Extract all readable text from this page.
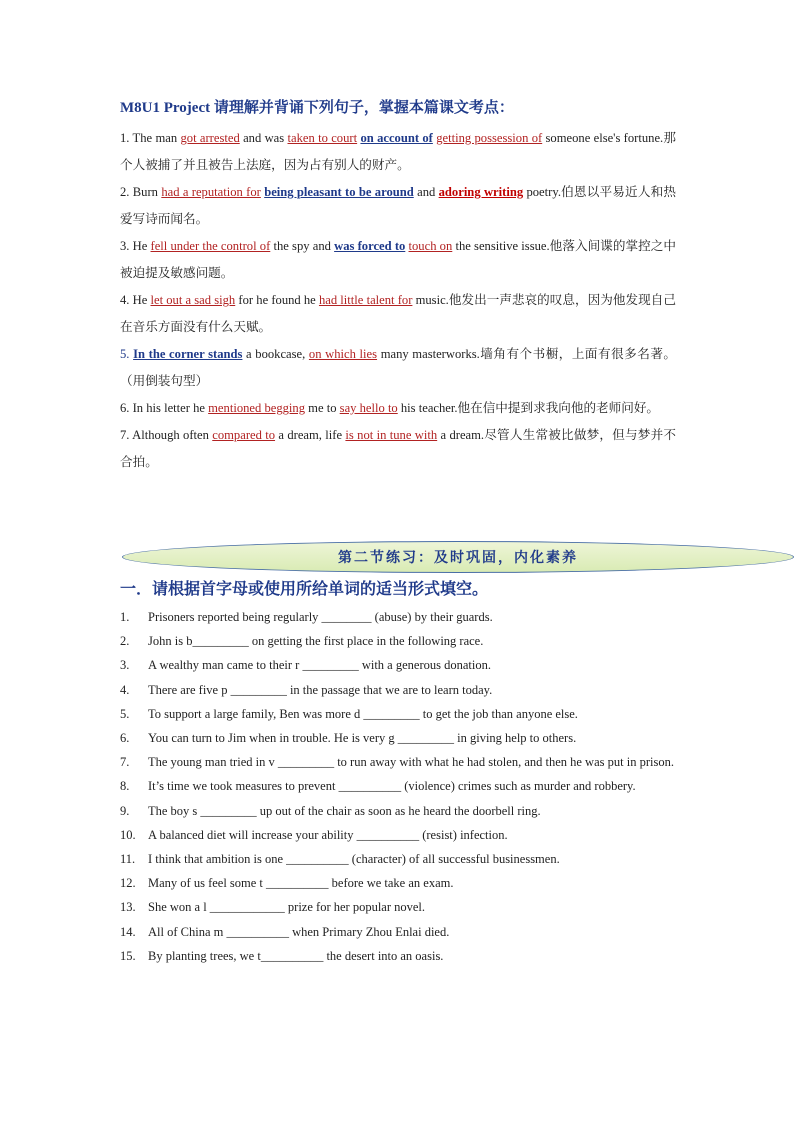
M8U1 Project 请理解并背诵下列句子，掌握本篇课文考点：

1. The man got arrested and was taken to court on account of getting possession of someone else's fortune.那个人被捕了并且被告上法庭，因为占有别人的财产。

2. Burn had a reputation for being pleasant to be around and adoring writing poetry.伯恩以平易近人和热爱写诗而闻名。

3. He fell under the control of the spy and was forced to touch on the sensitive issue.他落入间谍的掌控之中被迫提及敏感问题。

4. He let out a sad sigh for he found he had little talent for music.他发出一声悲哀的叹息，因为他发现自己在音乐方面没有什么天赋。

5. In the corner stands a bookcase, on which lies many masterworks.墙角有个书橱，上面有很多名著。（用倒装句型）

6. In his letter he mentioned begging me to say hello to his teacher.他在信中提到求我向他的老师问好。

7. Although often compared to a dream, life is not in tune with a dream.尽管人生常被比做梦，但与梦并不合拍。

第二节练习：及时巩固，内化素养

一．请根据首字母或使用所给单词的适当形式填空。

1.	Prisoners reported being regularly ________ (abuse) by their guards.

2.	John is b_________ on getting the first place in the following race.

3.	A wealthy man came to their r _________ with a generous donation.

4.	There are five p _________ in the passage that we are to learn today.

5.	To support a large family, Ben was more d _________ to get the job than anyone else.

6.	You can turn to Jim when in trouble. He is very g _________ in giving help to others.

7.	The young man tried in v _________ to run away with what he had stolen, and then he was put in prison.

8.	It’s time we took measures to prevent __________ (violence) crimes such as murder and robbery.

9.	The boy s _________ up out of the chair as soon as he heard the doorbell ring.

10. A balanced diet will increase your ability __________ (resist) infection.

11.	I think that ambition is one __________ (character) of all successful businessmen.

12. Many of us feel some t __________ before we take an exam.

13. She won a l ____________ prize for her popular novel.

14. All of China m __________ when Primary Zhou Enlai died.

15. By planting trees, we t__________ the desert into an oasis.
